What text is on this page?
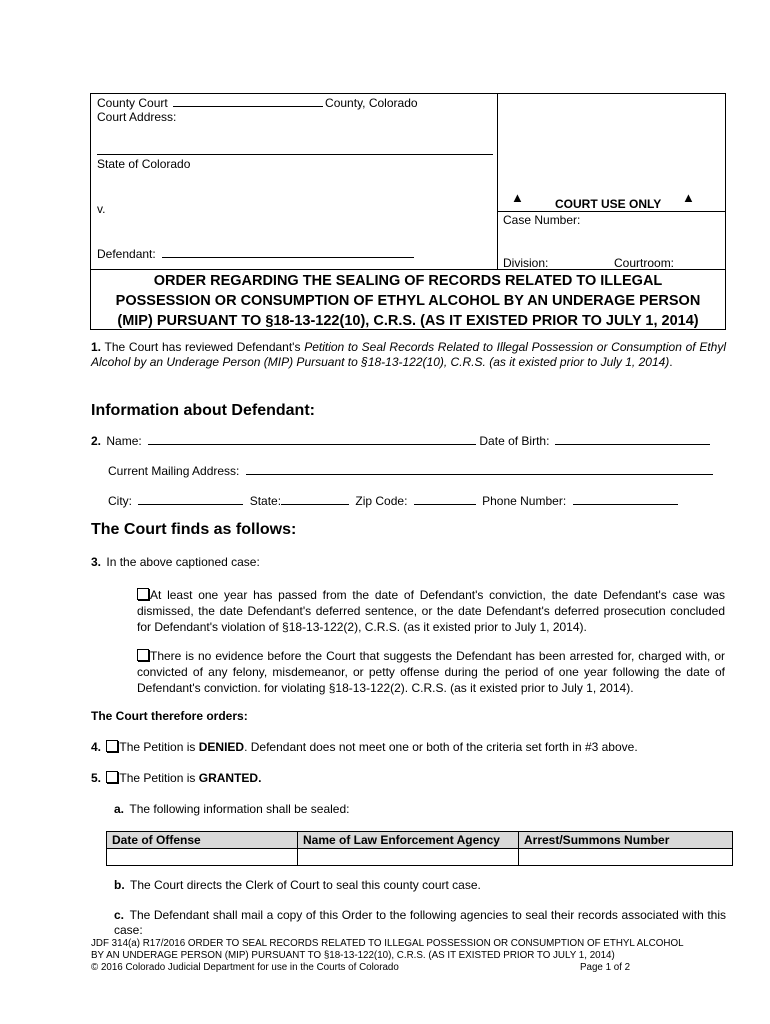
County Court	County, Colorado
Court Address:
State of Colorado
v.
Defendant:
▲	COURT USE ONLY ▲
Case Number:
Division:	Courtroom:
ORDER REGARDING THE SEALING OF RECORDS RELATED TO ILLEGAL
POSSESSION OR CONSUMPTION OF ETHYL ALCOHOL BY AN UNDERAGE PERSON
(MIP) PURSUANT TO §18-13-122(10), C.R.S. (AS IT EXISTED PRIOR TO JULY 1, 2014)
1. The Court has reviewed Defendant's Petition to Seal Records Related to Illegal Possession or Consumption of Ethyl Alcohol by an Underage Person (MIP) Pursuant to §18-13-122(10), C.R.S. (as it existed prior to July 1, 2014).
Information about Defendant:
2. Name:	Date of Birth:
Current Mailing Address:
City:	State:	Zip Code:	Phone Number:
The Court finds as follows:
3. In the above captioned case:
At least one year has passed from the date of Defendant's conviction, the date Defendant's case was dismissed, the date Defendant's deferred sentence, or the date Defendant's deferred prosecution concluded for Defendant's violation of §18-13-122(2), C.R.S. (as it existed prior to July 1, 2014).
There is no evidence before the Court that suggests the Defendant has been arrested for, charged with, or convicted of any felony, misdemeanor, or petty offense during the period of one year following the date of Defendant's conviction. for violating §18-13-122(2). C.R.S. (as it existed prior to July 1, 2014).
The Court therefore orders:
4. The Petition is DENIED. Defendant does not meet one or both of the criteria set forth in #3 above.
5. The Petition is GRANTED.
a. The following information shall be sealed:
Date of Offense	Name of Law Enforcement Agency	Arrest/Summons Number

b. The Court directs the Clerk of Court to seal this county court case.
c. The Defendant shall mail a copy of this Order to the following agencies to seal their records associated with this case:
JDF 314(a) R17/2016 ORDER TO SEAL RECORDS RELATED TO ILLEGAL POSSESSION OR CONSUMPTION OF ETHYL ALCOHOL
BY AN UNDERAGE PERSON (MIP) PURSUANT TO §18-13-122(10), C.R.S. (AS IT EXISTED PRIOR TO JULY 1, 2014)
© 2016 Colorado Judicial Department for use in the Courts of Colorado	Page 1 of 2
